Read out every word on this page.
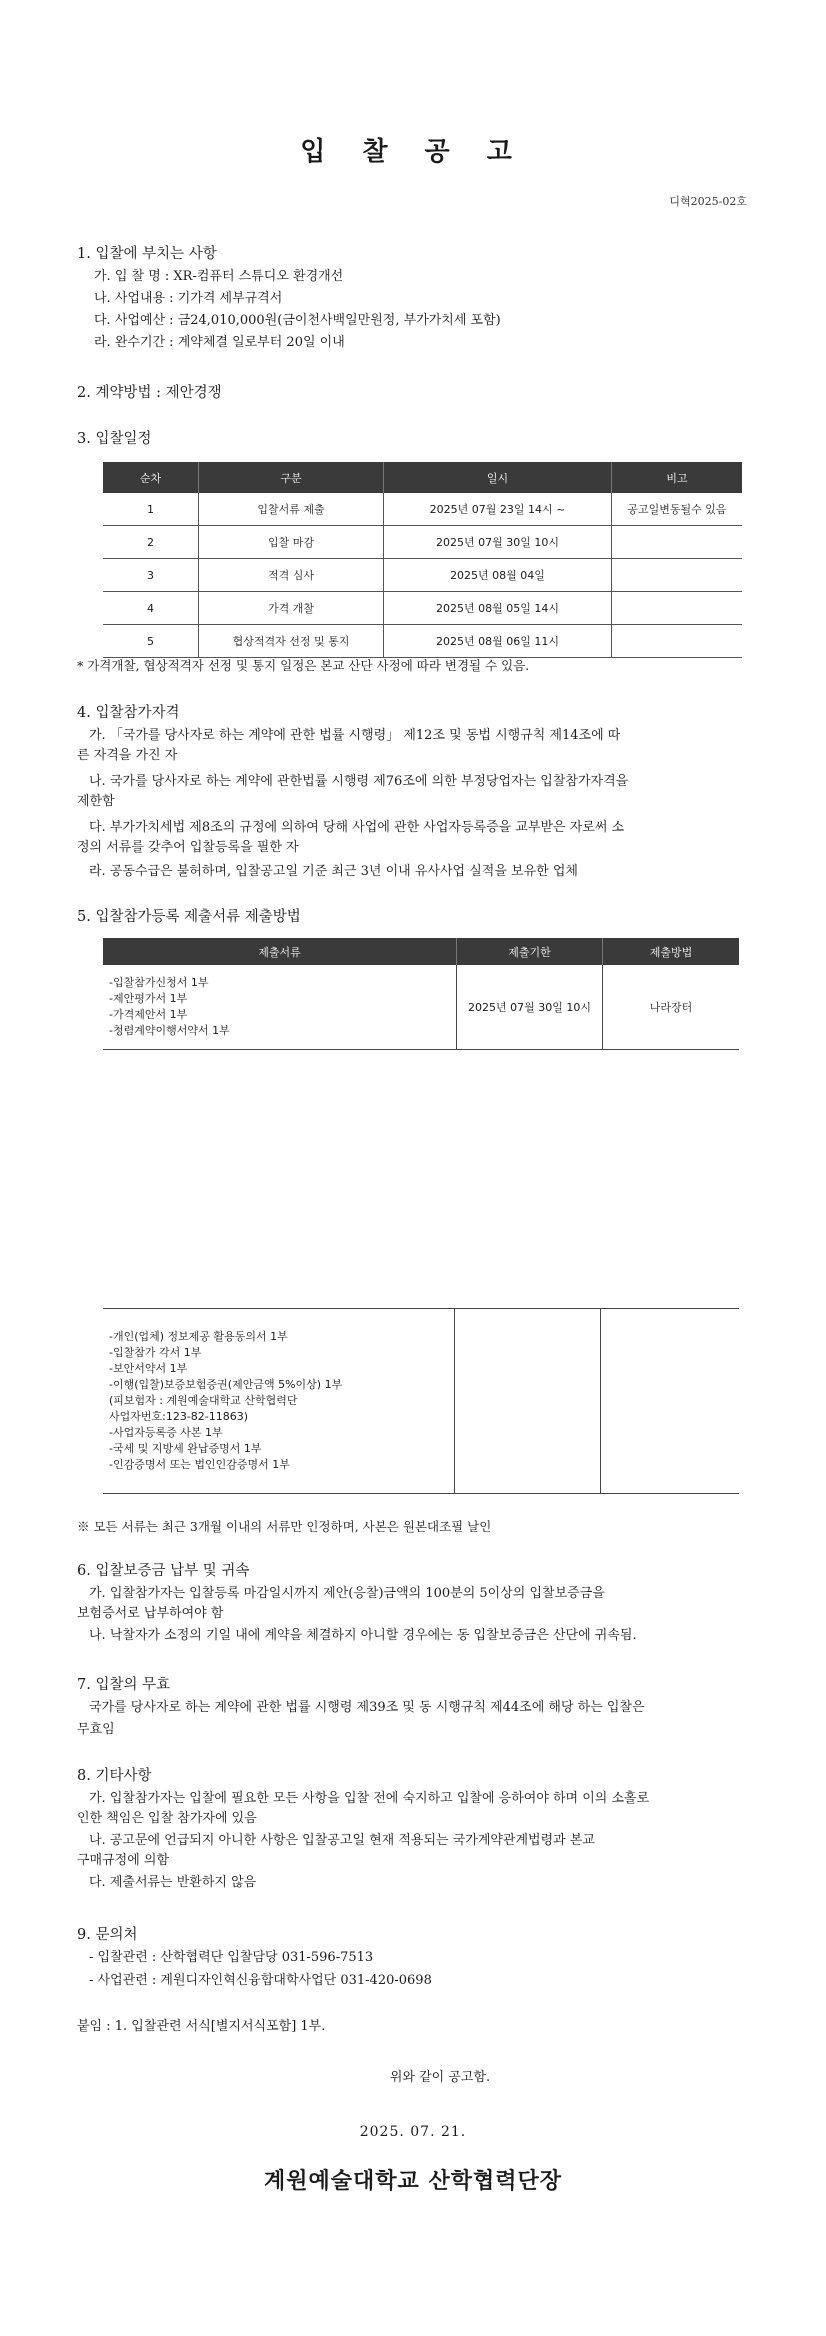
입 찰 공 고
디혁2025-02호
1. 입찰에 부치는 사항
가. 입 찰 명 : XR-컴퓨터 스튜디오 환경개선
나. 사업내용 : 기가격 세부규격서
다. 사업예산 : 금24,010,000원(금이천사백일만원정, 부가가치세 포함)
라. 완수기간 : 계약체결 일로부터 20일 이내
2. 계약방법 : 제안경쟁
3. 입찰일정
순차	구분	일시	비고
1	입찰서류 제출	2025년 07월 23일 14시 ~	공고일변동될수 있음
2	입찰 마감	2025년 07월 30일 10시	
3	적격 심사	2025년 08월 04일	
4	가격 개찰	2025년 08월 05일 14시	
5	협상적격자 선정 및 통지	2025년 08월 06일 11시	
* 가격개찰, 협상적격자 선정 및 통지 일정은 본교 산단 사정에 따라 변경될 수 있음.
4. 입찰참가자격
가. 「국가를 당사자로 하는 계약에 관한 법률 시행령」 제12조 및 동법 시행규칙 제14조에 따
른 자격을 가진 자
나. 국가를 당사자로 하는 계약에 관한법률 시행령 제76조에 의한 부정당업자는 입찰참가자격을
제한함
다. 부가가치세법 제8조의 규정에 의하여 당해 사업에 관한 사업자등록증을 교부받은 자로써 소
정의 서류를 갖추어 입찰등록을 필한 자
라. 공동수급은 불허하며, 입찰공고일 기준 최근 3년 이내 유사사업 실적을 보유한 업체
5. 입찰참가등록 제출서류 제출방법
제출서류	제출기한	제출방법

-입찰참가신청서 1부
-제안평가서 1부
-가격제안서 1부
-청렴계약이행서약서 1부	2025년 07월 30일 10시	나라장터
-개인(업체) 정보제공 활용동의서 1부
-입찰참가 각서 1부
-보안서약서 1부
-이행(입찰)보증보험증권(제안금액 5%이상) 1부
(피보험자 : 계원예술대학교 산학협력단
사업자번호:123-82-11863)
-사업자등록증 사본 1부
-국세 및 지방세 완납증명서 1부
-인감증명서 또는 법인인감증명서 1부

※ 모든 서류는 최근 3개월 이내의 서류만 인정하며, 사본은 원본대조필 날인
6. 입찰보증금 납부 및 귀속
가. 입찰참가자는 입찰등록 마감일시까지 제안(응찰)금액의 100분의 5이상의 입찰보증금을
보험증서로 납부하여야 함
나. 낙찰자가 소정의 기일 내에 계약을 체결하지 아니할 경우에는 동 입찰보증금은 산단에 귀속됨.
7. 입찰의 무효
국가를 당사자로 하는 계약에 관한 법률 시행령 제39조 및 동 시행규칙 제44조에 해당 하는 입찰은
무효임
8. 기타사항
가. 입찰참가자는 입찰에 필요한 모든 사항을 입찰 전에 숙지하고 입찰에 응하여야 하며 이의 소홀로
인한 책임은 입찰 참가자에 있음
나. 공고문에 언급되지 아니한 사항은 입찰공고일 현재 적용되는 국가계약관계법령과 본교
구매규정에 의함
다. 제출서류는 반환하지 않음
9. 문의처
- 입찰관련 : 산학협력단 입찰담당 031-596-7513
- 사업관련 : 계원디자인혁신융합대학사업단 031-420-0698
붙임 : 1. 입찰관련 서식[별지서식포함] 1부.
위와 같이 공고함.
2025. 07. 21.
계원예술대학교 산학협력단장
